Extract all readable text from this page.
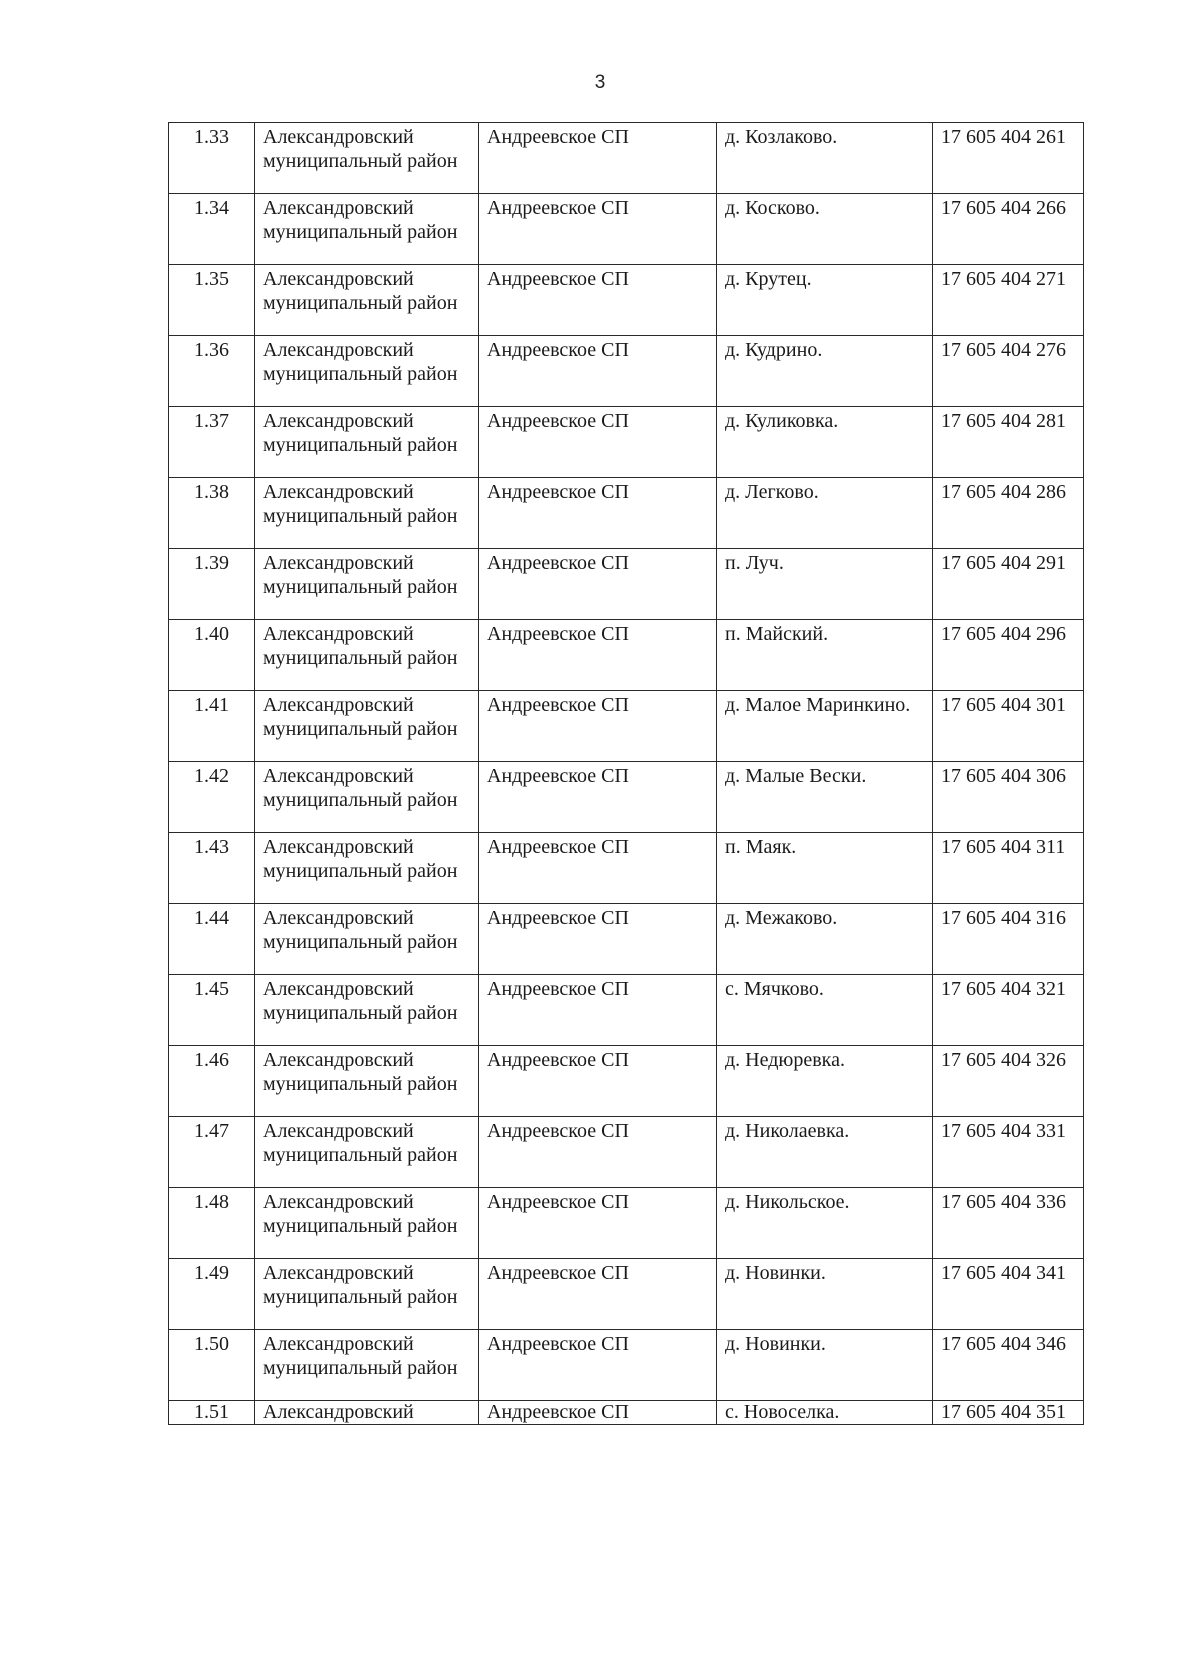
3
1.33	Александровский муниципальный район	Андреевское СП	д. Козлаково.	17 605 404 261
1.34	Александровский муниципальный район	Андреевское СП	д. Косково.	17 605 404 266
1.35	Александровский муниципальный район	Андреевское СП	д. Крутец.	17 605 404 271
1.36	Александровский муниципальный район	Андреевское СП	д. Кудрино.	17 605 404 276
1.37	Александровский муниципальный район	Андреевское СП	д. Куликовка.	17 605 404 281
1.38	Александровский муниципальный район	Андреевское СП	д. Легково.	17 605 404 286
1.39	Александровский муниципальный район	Андреевское СП	п. Луч.	17 605 404 291
1.40	Александровский муниципальный район	Андреевское СП	п. Майский.	17 605 404 296
1.41	Александровский муниципальный район	Андреевское СП	д. Малое Маринкино.	17 605 404 301
1.42	Александровский муниципальный район	Андреевское СП	д. Малые Вески.	17 605 404 306
1.43	Александровский муниципальный район	Андреевское СП	п. Маяк.	17 605 404 311
1.44	Александровский муниципальный район	Андреевское СП	д. Межаково.	17 605 404 316
1.45	Александровский муниципальный район	Андреевское СП	с. Мячково.	17 605 404 321
1.46	Александровский муниципальный район	Андреевское СП	д. Недюревка.	17 605 404 326
1.47	Александровский муниципальный район	Андреевское СП	д. Николаевка.	17 605 404 331
1.48	Александровский муниципальный район	Андреевское СП	д. Никольское.	17 605 404 336
1.49	Александровский муниципальный район	Андреевское СП	д. Новинки.	17 605 404 341
1.50	Александровский муниципальный район	Андреевское СП	д. Новинки.	17 605 404 346
1.51	Александровский	Андреевское СП	с. Новоселка.	17 605 404 351
